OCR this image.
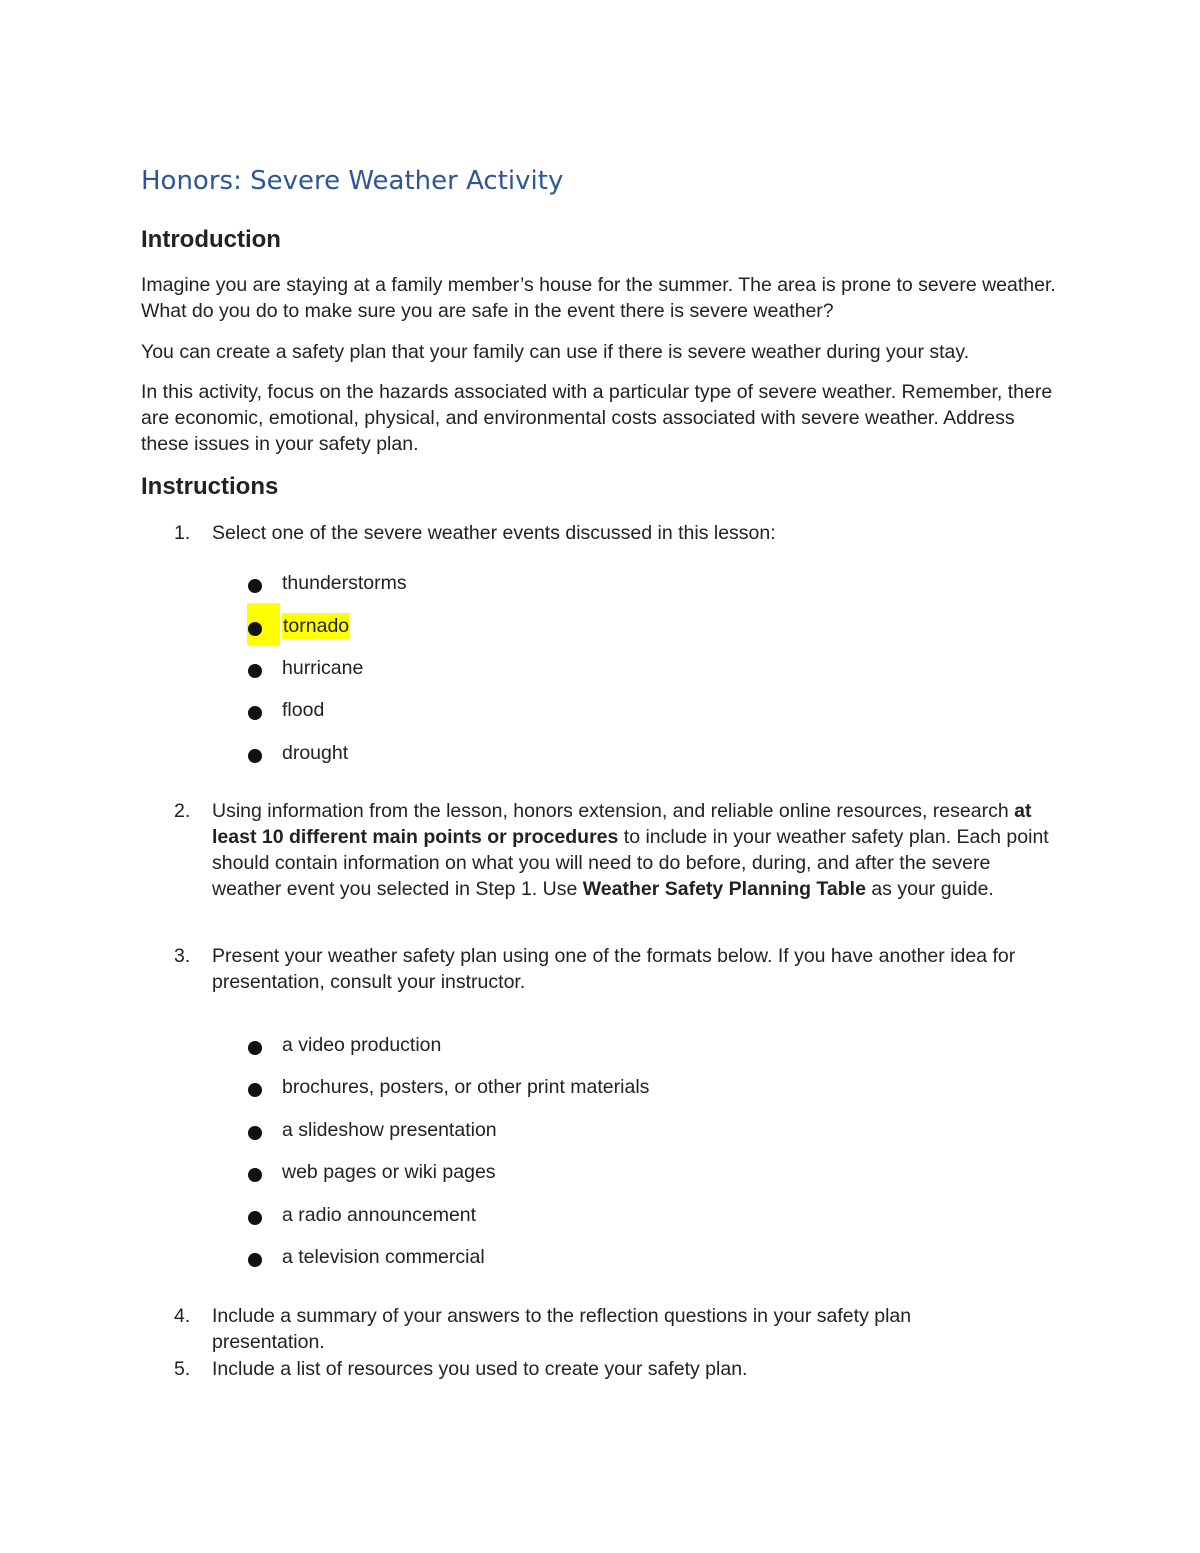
Honors: Severe Weather Activity
Introduction

Imagine you are staying at a family member’s house for the summer. The area is prone to severe weather. What do you do to make sure you are safe in the event there is severe weather?

You can create a safety plan that your family can use if there is severe weather during your stay.

In this activity, focus on the hazards associated with a particular type of severe weather. Remember, there are economic, emotional, physical, and environmental costs associated with severe weather. Address these issues in your safety plan.

Instructions
1. Select one of the severe weather events discussed in this lesson:

thunderstorms
tornado
hurricane
flood
drought
2. Using information from the lesson, honors extension, and reliable online resources, research at least 10 different main points or procedures to include in your weather safety plan. Each point should contain information on what you will need to do before, during, and after the severe weather event you selected in Step 1. Use Weather Safety Planning Table as your guide.

3. Present your weather safety plan using one of the formats below. If you have another idea for presentation, consult your instructor.

a video production
brochures, posters, or other print materials
a slideshow presentation
web pages or wiki pages
a radio announcement
a television commercial
4. Include a summary of your answers to the reflection questions in your safety plan presentation.

5. Include a list of resources you used to create your safety plan.
